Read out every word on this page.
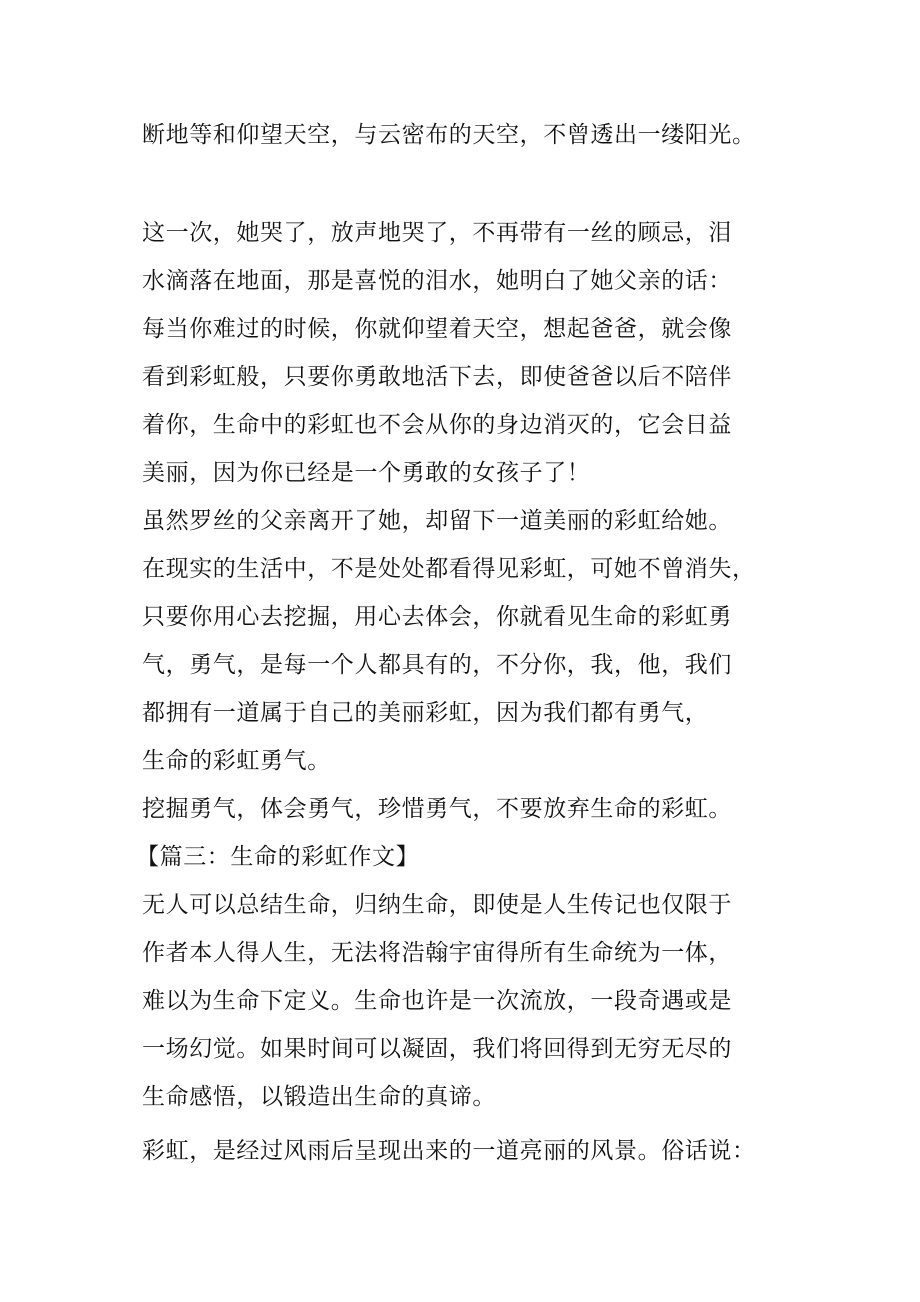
断地等和仰望天空，与云密布的天空，不曾透出一缕阳光。
这一次，她哭了，放声地哭了，不再带有一丝的顾忌，泪
水滴落在地面，那是喜悦的泪水，她明白了她父亲的话：
每当你难过的时候，你就仰望着天空，想起爸爸，就会像
看到彩虹般，只要你勇敢地活下去，即使爸爸以后不陪伴
着你，生命中的彩虹也不会从你的身边消灭的，它会日益
美丽，因为你已经是一个勇敢的女孩子了！
虽然罗丝的父亲离开了她，却留下一道美丽的彩虹给她。
在现实的生活中，不是处处都看得见彩虹，可她不曾消失，
只要你用心去挖掘，用心去体会，你就看见生命的彩虹勇
气，勇气，是每一个人都具有的，不分你，我，他，我们
都拥有一道属于自己的美丽彩虹，因为我们都有勇气，
生命的彩虹勇气。
挖掘勇气，体会勇气，珍惜勇气，不要放弃生命的彩虹。
【篇三：生命的彩虹作文】
无人可以总结生命，归纳生命，即使是人生传记也仅限于
作者本人得人生，无法将浩翰宇宙得所有生命统为一体，
难以为生命下定义。生命也许是一次流放，一段奇遇或是
一场幻觉。如果时间可以凝固，我们将回得到无穷无尽的
生命感悟，以锻造出生命的真谛。
彩虹，是经过风雨后呈现出来的一道亮丽的风景。俗话说：
